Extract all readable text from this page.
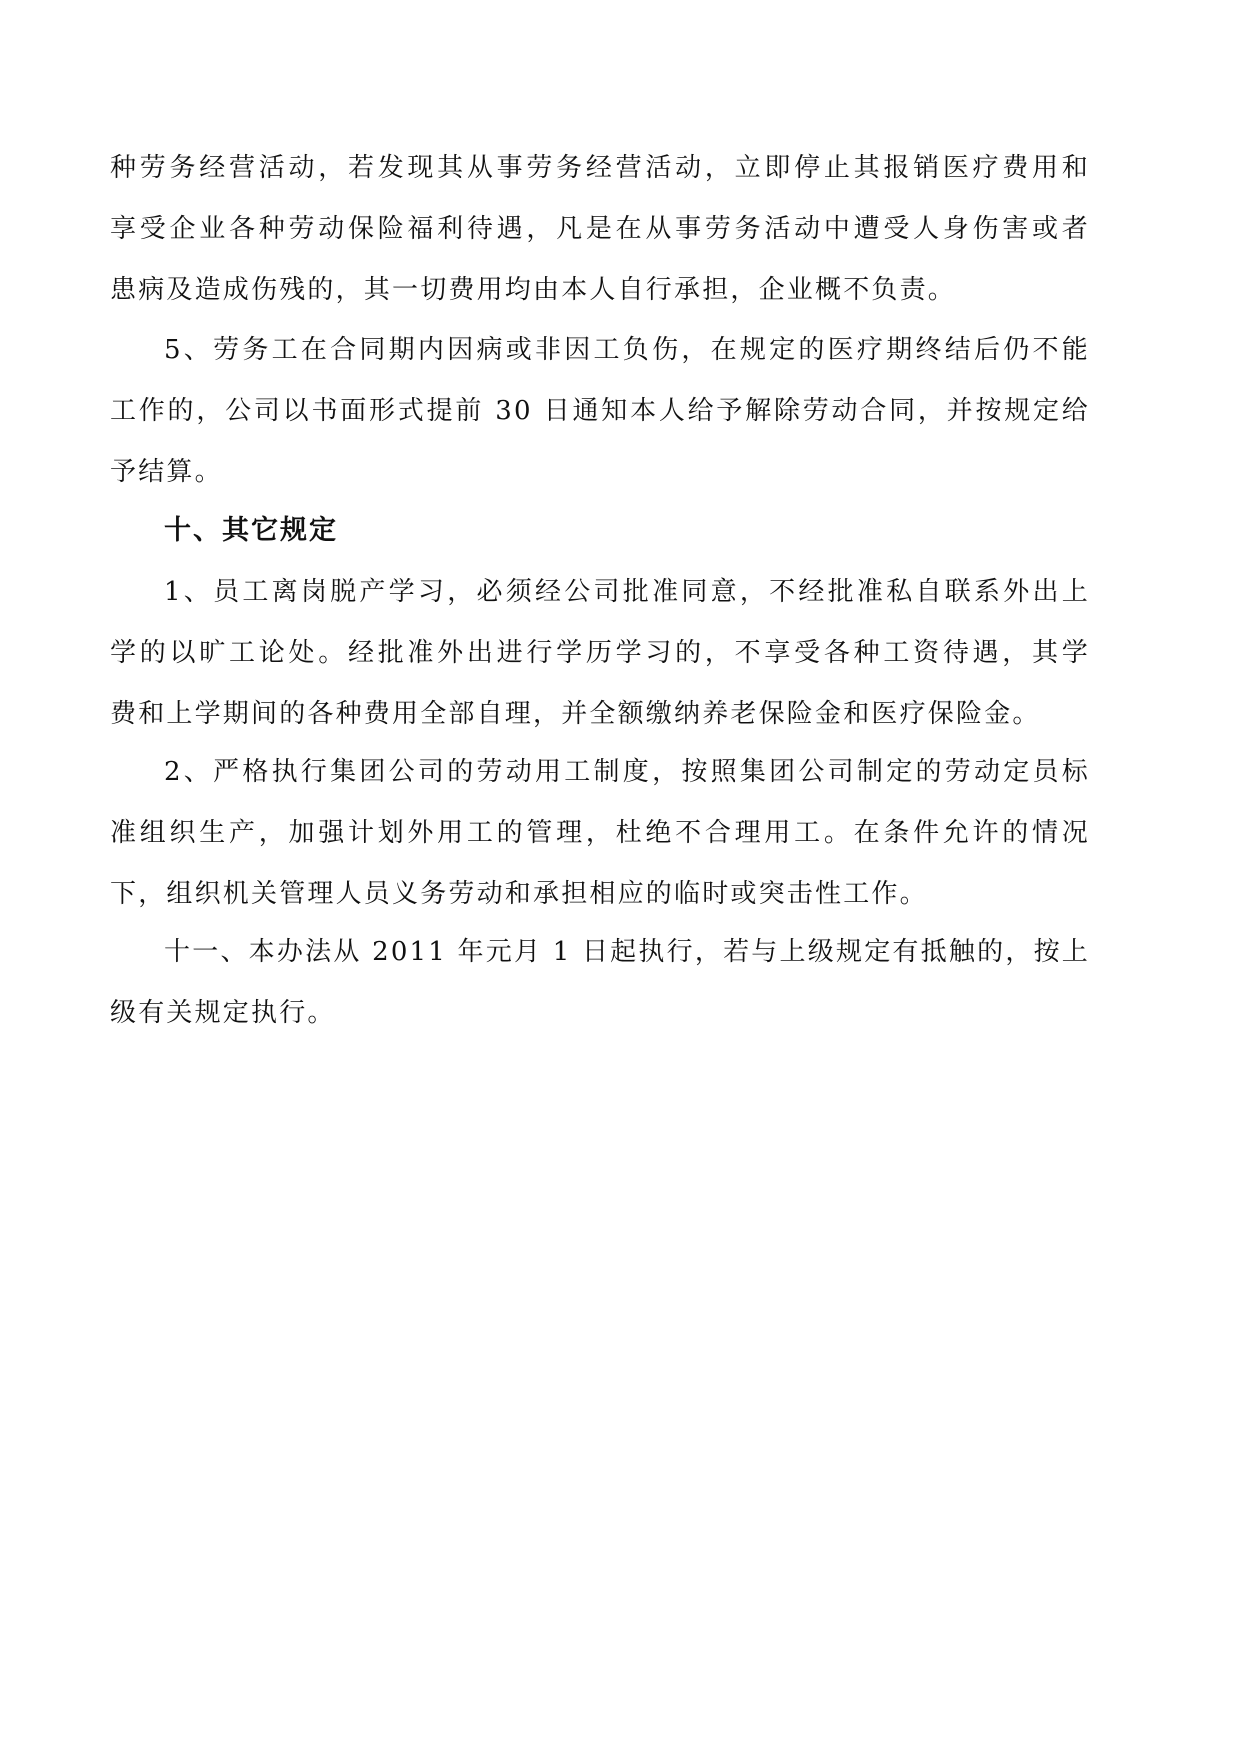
种劳务经营活动，若发现其从事劳务经营活动，立即停止其报销医疗费用和
享受企业各种劳动保险福利待遇，凡是在从事劳务活动中遭受人身伤害或者
患病及造成伤残的，其一切费用均由本人自行承担，企业概不负责。
5、劳务工在合同期内因病或非因工负伤，在规定的医疗期终结后仍不能
工作的，公司以书面形式提前 30 日通知本人给予解除劳动合同，并按规定给
予结算。
十、其它规定
1、员工离岗脱产学习，必须经公司批准同意，不经批准私自联系外出上
学的以旷工论处。经批准外出进行学历学习的，不享受各种工资待遇，其学
费和上学期间的各种费用全部自理，并全额缴纳养老保险金和医疗保险金。
2、严格执行集团公司的劳动用工制度，按照集团公司制定的劳动定员标
准组织生产，加强计划外用工的管理，杜绝不合理用工。在条件允许的情况
下，组织机关管理人员义务劳动和承担相应的临时或突击性工作。
十一、本办法从 2011 年元月 1 日起执行，若与上级规定有抵触的，按上
级有关规定执行。
